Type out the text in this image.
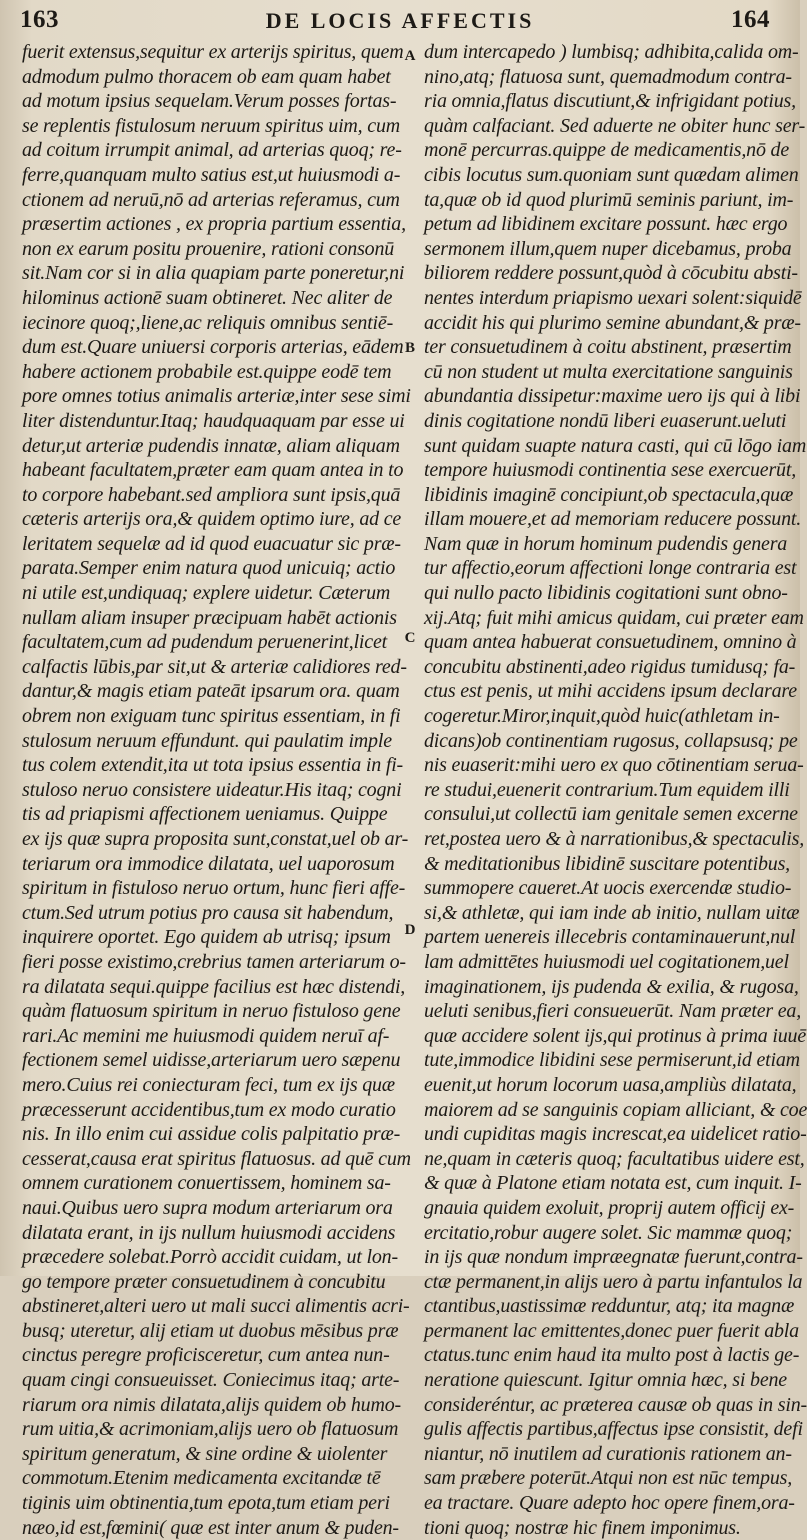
163	DE LOCIS AFFECTIS	164
fuerit extensus,sequitur ex arterijs spiritus, quem
admodum pulmo thoracem ob eam quam habet
ad motum ipsius sequelam.Verum posses fortas-
se replentis fistulosum neruum spiritus uim, cum
ad coitum irrumpit animal, ad arterias quoq; re-
ferre,quanquam multo satius est,ut huiusmodi a-
ctionem ad neruū,nō ad arterias referamus, cum
præsertim actiones , ex propria partium essentia,
non ex earum positu prouenire, rationi consonū
sit.Nam cor si in alia quapiam parte poneretur,ni
hilominus actionē suam obtineret. Nec aliter de
iecinore quoq;,liene,ac reliquis omnibus sentiē-
dum est.Quare uniuersi corporis arterias, eādem
habere actionem probabile est.quippe eodē tem
pore omnes totius animalis arteriæ,inter sese simi
liter distenduntur.Itaq; haudquaquam par esse ui
detur,ut arteriæ pudendis innatæ, aliam aliquam
habeant facultatem,præter eam quam antea in to
to corpore habebant.sed ampliora sunt ipsis,quā
cæteris arterijs ora,& quidem optimo iure, ad ce
leritatem sequelæ ad id quod euacuatur sic præ-
parata.Semper enim natura quod unicuiq; actio
ni utile est,undiquaq; explere uidetur. Cæterum
nullam aliam insuper præcipuam habēt actionis
facultatem,cum ad pudendum peruenerint,licet
calfactis lūbis,par sit,ut & arteriæ calidiores red-
dantur,& magis etiam pateāt ipsarum ora. quam
obrem non exiguam tunc spiritus essentiam, in fi
stulosum neruum effundunt. qui paulatim imple
tus colem extendit,ita ut tota ipsius essentia in fi-
stuloso neruo consistere uideatur.His itaq; cogni
tis ad priapismi affectionem ueniamus. Quippe
ex ijs quæ supra proposita sunt,constat,uel ob ar-
teriarum ora immodice dilatata, uel uaporosum
spiritum in fistuloso neruo ortum, hunc fieri affe-
ctum.Sed utrum potius pro causa sit habendum,
inquirere oportet. Ego quidem ab utrisq; ipsum
fieri posse existimo,crebrius tamen arteriarum o-
ra dilatata sequi.quippe facilius est hæc distendi,
quàm flatuosum spiritum in neruo fistuloso gene
rari.Ac memini me huiusmodi quidem neruī af-
fectionem semel uidisse,arteriarum uero sæpenu
mero.Cuius rei coniecturam feci, tum ex ijs quæ
præcesserunt accidentibus,tum ex modo curatio
nis. In illo enim cui assidue colis palpitatio præ-
cesserat,causa erat spiritus flatuosus. ad quē cum
omnem curationem conuertissem, hominem sa-
naui.Quibus uero supra modum arteriarum ora
dilatata erant, in ijs nullum huiusmodi accidens
præcedere solebat.Porrò accidit cuidam, ut lon-
go tempore præter consuetudinem à concubitu
abstineret,alteri uero ut mali succi alimentis acri-
busq; uteretur, alij etiam ut duobus mēsibus præ
cinctus peregre proficisceretur, cum antea nun-
quam cingi consueuisset. Coniecimus itaq; arte-
riarum ora nimis dilatata,alijs quidem ob humo-
rum uitia,& acrimoniam,alijs uero ob flatuosum
spiritum generatum, & sine ordine & uiolenter
commotum.Etenim medicamenta excitandæ tē
tiginis uim obtinentia,tum epota,tum etiam peri
næo,id est,fœmini( quæ est inter anum & puden-
dum intercapedo ) lumbisq; adhibita,calida om-
nino,atq; flatuosa sunt, quemadmodum contra-
ria omnia,flatus discutiunt,& infrigidant potius,
quàm calfaciant. Sed aduerte ne obiter hunc ser-
monē percurras.quippe de medicamentis,nō de
cibis locutus sum.quoniam sunt quædam alimen
ta,quæ ob id quod plurimū seminis pariunt, im-
petum ad libidinem excitare possunt. hæc ergo
sermonem illum,quem nuper dicebamus, proba
biliorem reddere possunt,quòd à cōcubitu absti-
nentes interdum priapismo uexari solent:siquidē
accidit his qui plurimo semine abundant,& præ-
ter consuetudinem à coitu abstinent, præsertim
cū non student ut multa exercitatione sanguinis
abundantia dissipetur:maxime uero ijs qui à libi
dinis cogitatione nondū liberi euaserunt.ueluti
sunt quidam suapte natura casti, qui cū lōgo iam
tempore huiusmodi continentia sese exercuerūt,
libidinis imaginē concipiunt,ob spectacula,quæ
illam mouere,et ad memoriam reducere possunt.
Nam quæ in horum hominum pudendis genera
tur affectio,eorum affectioni longe contraria est
qui nullo pacto libidinis cogitationi sunt obno-
xij.Atq; fuit mihi amicus quidam, cui præter eam
quam antea habuerat consuetudinem, omnino à
concubitu abstinenti,adeo rigidus tumidusq; fa-
ctus est penis, ut mihi accidens ipsum declarare
cogeretur.Miror,inquit,quòd huic(athletam in-
dicans)ob continentiam rugosus, collapsusq; pe
nis euaserit:mihi uero ex quo cōtinentiam serua-
re studui,euenerit contrarium.Tum equidem illi
consului,ut collectū iam genitale semen excerne
ret,postea uero & à narrationibus,& spectaculis,
& meditationibus libidinē suscitare potentibus,
summopere caueret.At uocis exercendæ studio-
si,& athletæ, qui iam inde ab initio, nullam uitæ
partem uenereis illecebris contaminauerunt,nul
lam admittētes huiusmodi uel cogitationem,uel
imaginationem, ijs pudenda & exilia, & rugosa,
ueluti senibus,fieri consueuerūt. Nam præter ea,
quæ accidere solent ijs,qui protinus à prima iuuē
tute,immodice libidini sese permiserunt,id etiam
euenit,ut horum locorum uasa,ampliùs dilatata,
maiorem ad se sanguinis copiam alliciant, & coe
undi cupiditas magis increscat,ea uidelicet ratio-
ne,quam in cæteris quoq; facultatibus uidere est,
& quæ à Platone etiam notata est, cum inquit. I-
gnauia quidem exoluit, proprij autem officij ex-
ercitatio,robur augere solet. Sic mammæ quoq;
in ijs quæ nondum impræegnatæ fuerunt,contra-
ctæ permanent,in alijs uero à partu infantulos la
ctantibus,uastissimæ redduntur, atq; ita magnæ
permanent lac emittentes,donec puer fuerit abla
ctatus.tunc enim haud ita multo post à lactis ge-
neratione quiescunt. Igitur omnia hæc, si bene
consideréntur, ac præterea causæ ob quas in sin-
gulis affectis partibus,affectus ipse consistit, defi
niantur, nō inutilem ad curationis rationem an-
sam præbere poterūt.Atqui non est nūc tempus,
ea tractare. Quare adepto hoc opere finem,ora-
tioni quoq; nostræ hic finem imponimus.
A
B
C
D
